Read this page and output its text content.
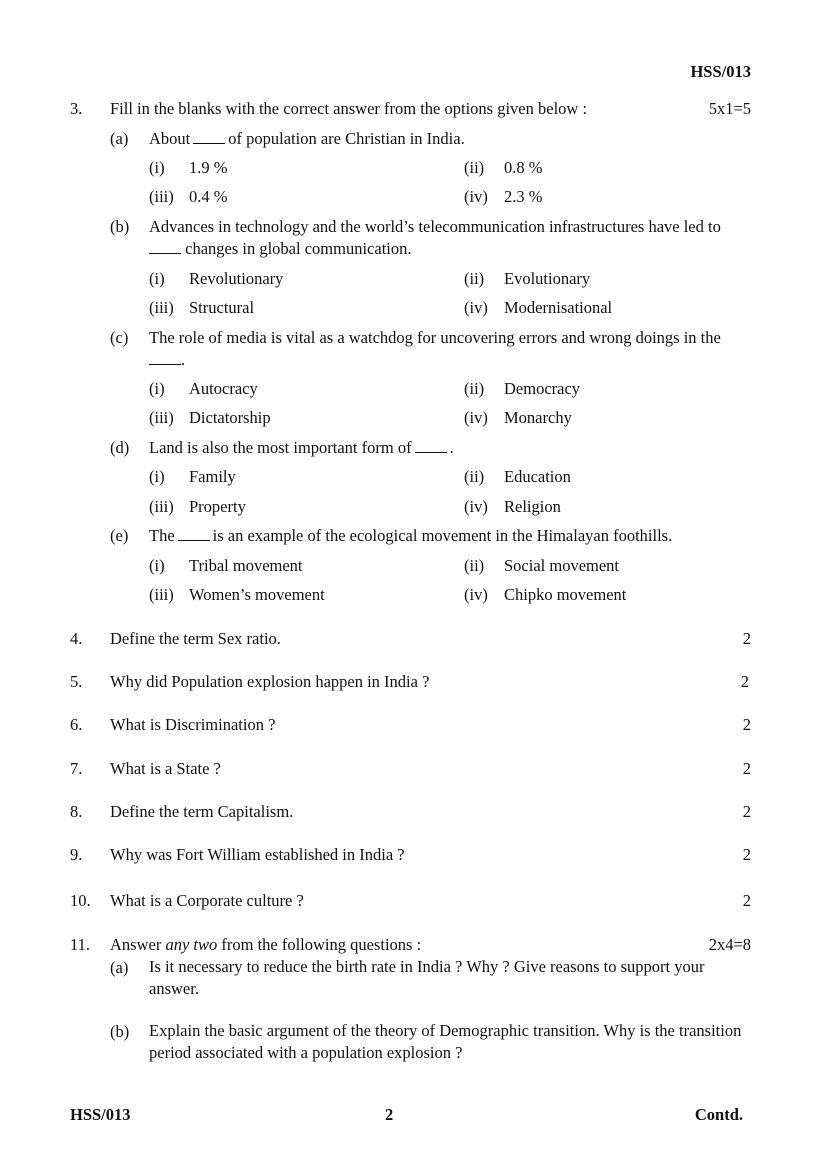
HSS/013
3. Fill in the blanks with the correct answer from the options given below :	5x1=5
(a) About of population are Christian in India.
(i) 1.9 %	(ii) 0.8 %
(iii) 0.4 %	(iv) 2.3 %
(b) Advances in technology and the world’s telecommunication infrastructures have led to
changes in global communication.
(i) Revolutionary	(ii) Evolutionary
(iii) Structural	(iv) Modernisational
(c) The role of media is vital as a watchdog for uncovering errors and wrong doings in the
.
(i) Autocracy	(ii) Democracy
(iii) Dictatorship	(iv) Monarchy
(d) Land is also the most important form of .
(i) Family	(ii) Education
(iii) Property	(iv) Religion
(e) The is an example of the ecological movement in the Himalayan foothills.
(i) Tribal movement	(ii) Social movement
(iii) Women’s movement	(iv) Chipko movement
4. Define the term Sex ratio.	2
5. Why did Population explosion happen in India ?	2
6. What is Discrimination ?	2
7. What is a State ?	2
8. Define the term Capitalism.	2
9. Why was Fort William established in India ?	2
10. What is a Corporate culture ?	2
11. Answer any two from the following questions :	2x4=8
(a) Is it necessary to reduce the birth rate in India ? Why ? Give reasons to support your answer.
(b) Explain the basic argument of the theory of Demographic transition. Why is the transition period associated with a population explosion ?
HSS/013	2	Contd.
